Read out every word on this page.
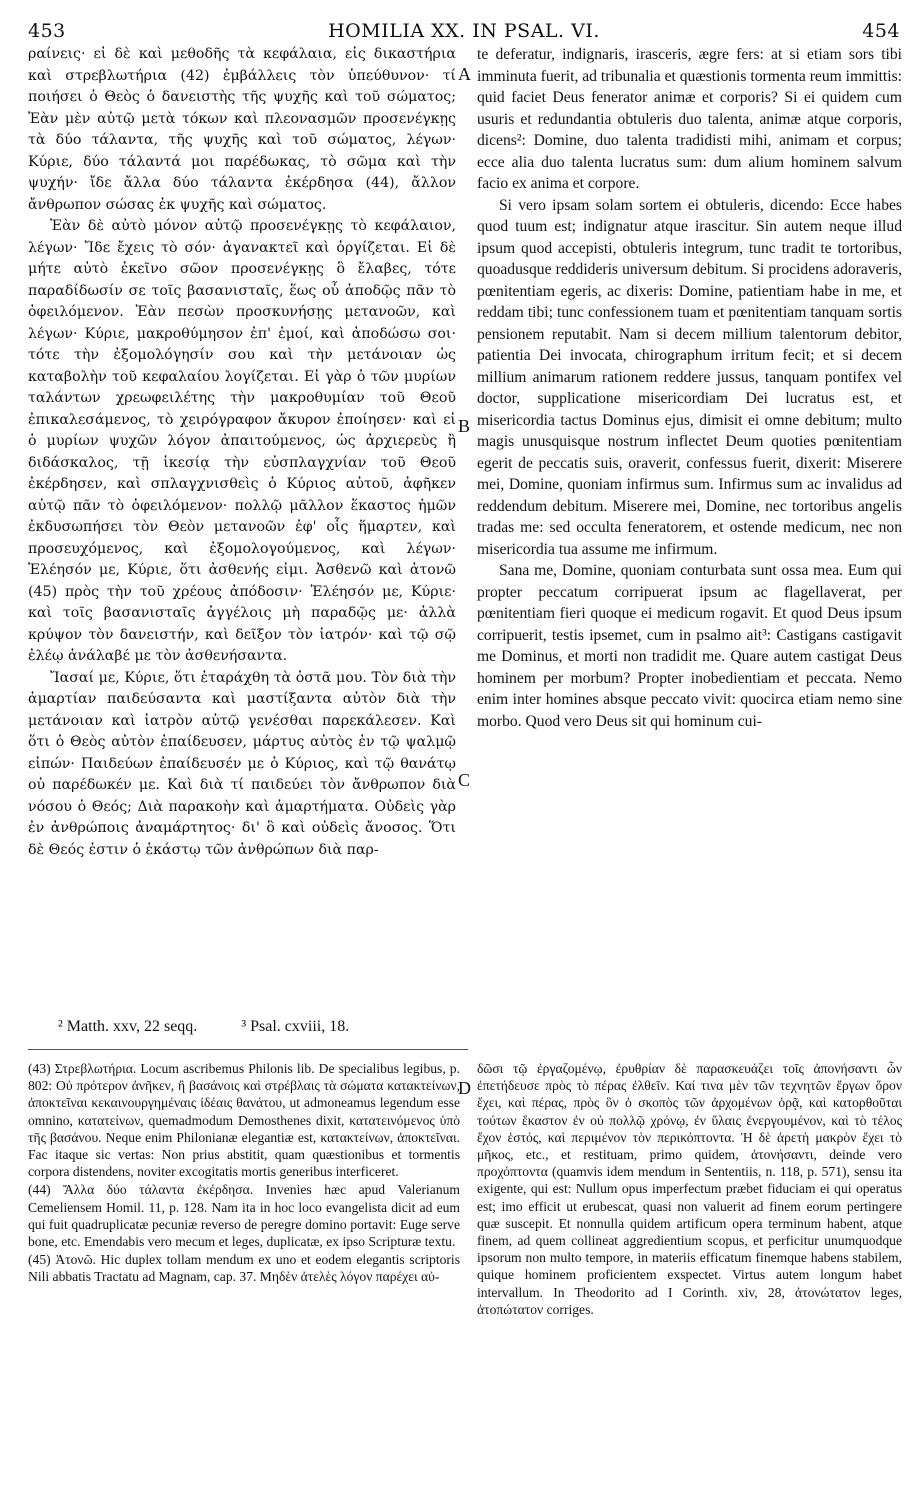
453	HOMILIA XX. IN PSAL. VI.	454

ραίνεις· εἰ δὲ καὶ μεθοδῆς τὰ κεφάλαια, εἰς δικαστήρια καὶ στρεβλωτήρια (42) ἐμβάλλεις τὸν ὑπεύθυνον· τί ποιήσει ὁ Θεὸς ὁ δανειστὴς τῆς ψυχῆς καὶ τοῦ σώματος; Ἐὰν μὲν αὐτῷ μετὰ τόκων καὶ πλεονασμῶν προσενέγκῃς τὰ δύο τάλαντα, τῆς ψυχῆς καὶ τοῦ σώματος, λέγων· Κύριε, δύο τάλαντά μοι παρέδωκας, τὸ σῶμα καὶ τὴν ψυχήν· ἴδε ἄλλα δύο τάλαντα ἐκέρδησα (44), ἄλλον ἄνθρωπον σώσας ἐκ ψυχῆς καὶ σώματος.

Ἐὰν δὲ αὐτὸ μόνον αὐτῷ προσενέγκῃς τὸ κεφάλαιον, λέγων· Ἴδε ἔχεις τὸ σόν· ἀγανακτεῖ καὶ ὀργίζεται. Εἰ δὲ μήτε αὐτὸ ἐκεῖνο σῶον προσενέγκῃς ὃ ἔλαβες, τότε παραδίδωσίν σε τοῖς βασανισταῖς, ἕως οὗ ἀποδῷς πᾶν τὸ ὀφειλόμενον. Ἐὰν πεσὼν προσκυνήσῃς μετανοῶν, καὶ λέγων· Κύριε, μακροθύμησον ἐπ' ἐμοί, καὶ ἀποδώσω σοι· τότε τὴν ἐξομολόγησίν σου καὶ τὴν μετάνοιαν ὡς καταβολὴν τοῦ κεφαλαίου λογίζεται. Εἰ γὰρ ὁ τῶν μυρίων ταλάντων χρεωφειλέτης τὴν μακροθυμίαν τοῦ Θεοῦ ἐπικαλεσάμενος, τὸ χειρόγραφον ἄκυρον ἐποίησεν· καὶ εἰ ὁ μυρίων ψυχῶν λόγον ἀπαιτούμενος, ὡς ἀρχιερεὺς ἢ διδάσκαλος, τῇ ἱκεσίᾳ τὴν εὐσπλαγχνίαν τοῦ Θεοῦ ἐκέρδησεν, καὶ σπλαγχνισθεὶς ὁ Κύριος αὐτοῦ, ἀφῆκεν αὐτῷ πᾶν τὸ ὀφειλόμενον· πολλῷ μᾶλλον ἕκαστος ἡμῶν ἐκδυσωπήσει τὸν Θεὸν μετανοῶν ἐφ' οἷς ἥμαρτεν, καὶ προσευχόμενος, καὶ ἐξομολογούμενος, καὶ λέγων· Ἐλέησόν με, Κύριε, ὅτι ἀσθενής εἰμι. Ἀσθενῶ καὶ ἀτονῶ (45) πρὸς τὴν τοῦ χρέους ἀπόδοσιν· Ἐλέησόν με, Κύριε· καὶ τοῖς βασανισταῖς ἀγγέλοις μὴ παραδῷς με· ἀλλὰ κρύψον τὸν δανειστήν, καὶ δεῖξον τὸν ἰατρόν· καὶ τῷ σῷ ἐλέῳ ἀνάλαβέ με τὸν ἀσθενήσαντα.

Ἴασαί με, Κύριε, ὅτι ἐταράχθη τὰ ὀστᾶ μου. Τὸν διὰ τὴν ἁμαρτίαν παιδεύσαντα καὶ μαστίξαντα αὐτὸν διὰ τὴν μετάνοιαν καὶ ἰατρὸν αὐτῷ γενέσθαι παρεκάλεσεν. Καὶ ὅτι ὁ Θεὸς αὐτὸν ἐπαίδευσεν, μάρτυς αὐτὸς ἐν τῷ ψαλμῷ εἰπών· Παιδεύων ἐπαίδευσέν με ὁ Κύριος, καὶ τῷ θανάτῳ οὐ παρέδωκέν με. Καὶ διὰ τί παιδεύει τὸν ἄνθρωπον διὰ νόσου ὁ Θεός; Διὰ παρακοὴν καὶ ἁμαρτήματα. Οὐδεὶς γὰρ ἐν ἀνθρώποις ἀναμάρτητος· δι' ὃ καὶ οὐδεὶς ἄνοσος. Ὅτι δὲ Θεός ἐστιν ὁ ἑκάστῳ τῶν ἀνθρώπων διὰ παρ-

te deferatur, indignaris, irasceris, ægre fers: at si etiam sors tibi imminuta fuerit, ad tribunalia et quæstionis tormenta reum immittis: quid faciet Deus fenerator animæ et corporis? Si ei quidem cum usuris et redundantia obtuleris duo talenta, animæ atque corporis, dicens²: Domine, duo talenta tradidisti mihi, animam et corpus; ecce alia duo talenta lucratus sum: dum alium hominem salvum facio ex anima et corpore.

Si vero ipsam solam sortem ei obtuleris, dicendo: Ecce habes quod tuum est; indignatur atque irascitur. Sin autem neque illud ipsum quod accepisti, obtuleris integrum, tunc tradit te tortoribus, quoadusque reddideris universum debitum. Si procidens adoraveris, pœnitentiam egeris, ac dixeris: Domine, patientiam habe in me, et reddam tibi; tunc confessionem tuam et pœnitentiam tanquam sortis pensionem reputabit. Nam si decem millium talentorum debitor, patientia Dei invocata, chirographum irritum fecit; et si decem millium animarum rationem reddere jussus, tanquam pontifex vel doctor, supplicatione misericordiam Dei lucratus est, et misericordia tactus Dominus ejus, dimisit ei omne debitum; multo magis unusquisque nostrum inflectet Deum quoties pœnitentiam egerit de peccatis suis, oraverit, confessus fuerit, dixerit: Miserere mei, Domine, quoniam infirmus sum. Infirmus sum ac invalidus ad reddendum debitum. Miserere mei, Domine, nec tortoribus angelis tradas me: sed occulta feneratorem, et ostende medicum, nec non misericordia tua assume me infirmum.

Sana me, Domine, quoniam conturbata sunt ossa mea. Eum qui propter peccatum corripuerat ipsum ac flagellaverat, per pœnitentiam fieri quoque ei medicum rogavit. Et quod Deus ipsum corripuerit, testis ipsemet, cum in psalmo ait³: Castigans castigavit me Dominus, et morti non tradidit me. Quare autem castigat Deus hominem per morbum? Propter inobedientiam et peccata. Nemo enim inter homines absque peccato vivit: quocirca etiam nemo sine morbo. Quod vero Deus sit qui hominum cui-

A
B
C
D
² Matth. xxv, 22 seqq.	³ Psal. cxviii, 18.

(43) Στρεβλωτήρια. Locum ascribemus Philonis lib. De specialibus legibus, p. 802: Οὐ πρότερον ἀνῆκεν, ἢ βασάνοις καὶ στρέβλαις τὰ σώματα κατακτείνων, ἀποκτεῖναι κεκαινουργημέναις ἰδέαις θανάτου, ut admoneamus legendum esse omnino, κατατείνων, quemadmodum Demosthenes dixit, κατατεινόμενος ὑπὸ τῆς βασάνου. Neque enim Philonianæ elegantiæ est, κατακτείνων, ἀποκτεῖναι. Fac itaque sic vertas: Non prius abstitit, quam quæstionibus et tormentis corpora distendens, noviter excogitatis mortis generibus interficeret.

(44) Ἄλλα δύο τάλαντα ἐκέρδησα. Invenies hæc apud Valerianum Cemeliensem Homil. 11, p. 128. Nam ita in hoc loco evangelista dicit ad eum qui fuit quadruplicatæ pecuniæ reverso de peregre domino portavit: Euge serve bone, etc. Emendabis vero mecum et leges, duplicatæ, ex ipso Scripturæ textu.

(45) Ἀτονῶ. Hic duplex tollam mendum ex uno et eodem elegantis scriptoris Nili abbatis Tractatu ad Magnam, cap. 37. Μηδὲν ἀτελὲς λόγον παρέχει αὐ-

δῶσι τῷ ἐργαζομένῳ, ἐρυθρίαν δὲ παρασκευάζει τοῖς ἀπονήσαντι ὧν ἐπετήδευσε πρὸς τὸ πέρας ἐλθεῖν. Καί τινα μὲν τῶν τεχνητῶν ἔργων ὅρον ἔχει, καὶ πέρας, πρὸς ὃν ὁ σκοπὸς τῶν ἀρχομένων ὁρᾷ, καὶ κατορθοῦται τούτων ἕκαστον ἐν οὐ πολλῷ χρόνῳ, ἐν ὕλαις ἐνεργουμένον, καὶ τὸ τέλος ἔχον ἑστός, καὶ περιμένον τὸν περικόπτοντα. Ἡ δὲ ἀρετὴ μακρὸν ἔχει τὸ μῆκος, etc., et restituam, primo quidem, ἀτονήσαντι, deinde vero προχόπτοντα (quamvis idem mendum in Sententiis, n. 118, p. 571), sensu ita exigente, qui est: Nullum opus imperfectum præbet fiduciam ei qui operatus est; imo efficit ut erubescat, quasi non valuerit ad finem eorum pertingere quæ suscepit. Et nonnulla quidem artificum opera terminum habent, atque finem, ad quem collineat aggredientium scopus, et perficitur unumquodque ipsorum non multo tempore, in materiis efficatum finemque habens stabilem, quique hominem proficientem exspectet. Virtus autem longum habet intervallum. In Theodorito ad I Corinth. xiv, 28, ἀτονώτατον leges, ἀτοπώτατον corriges.
